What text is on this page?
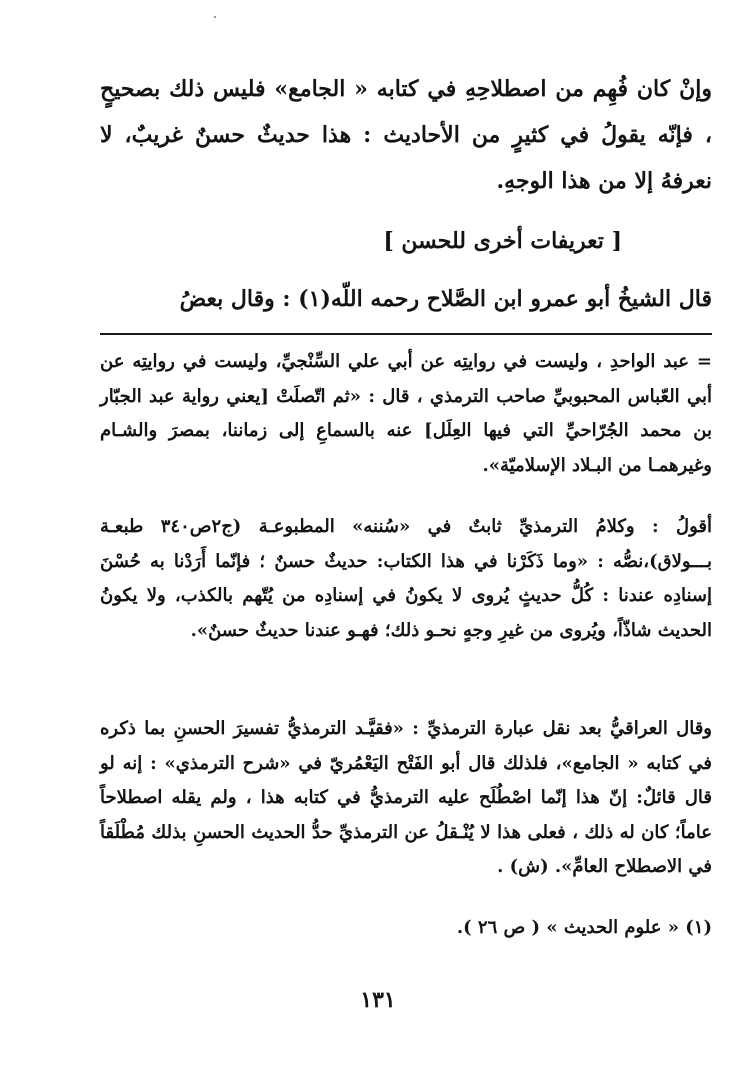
وإنْ كان فُهِم من اصطلاحِهِ في كتابه « الجامع» فليس ذلك بصحيحٍ ، فإنّه يقولُ في كثيرٍ من الأحاديث : هذا حديثٌ حسنٌ غريبٌ، لا نعرفهُ إلا من هذا الوجهِ.

[ تعريفات أخرى للحسن ]

قال الشيخُ أبو عمرو ابن الصَّلاح رحمه اللّه(١) : وقال بعضُ

= عبد الواحدِ ، وليست في روايتِه عن أبي علي السِّنْجيِّ، وليست في روايتِه عن أبي العّباس المحبوبيِّ صاحب الترمذي ، قال : «ثم اتّصلَتْ [يعني رواية عبد الجبّار بن محمد الجُرّاحيِّ التي فيها العِلَل] عنه بالسماعِ إلى زماننا، بمصرَ والشـام وغيرهمـا من البـلاد الإسلاميّة».

أقولُ : وكلامُ الترمذيِّ ثابتٌ في «سُننه» المطبوعـة (ج٢ص٣٤٠ طبعـة بـــولاق)،نصُّه : «وما ذَكَرْنا في هذا الكتاب: حديثٌ حسنٌ ؛ فإنّما أَرَدْنا به حُسْنَ إسنادِه عندنا : كُلُّ حديثٍ يُروى لا يكونُ في إسنادِه من يُتّهم بالكذب، ولا يكونُ الحديث شاذّاً، ويُروى من غيرِ وجهٍ نحـو ذلك؛ فهـو عندنا حديثٌ حسنٌ».

وقال العراقيُّ بعد نقل عبارة الترمذيِّ : «فقيَّـد الترمذيُّ تفسيرَ الحسنِ بما ذكره في كتابه « الجامع»، فلذلك قال أبو الفَتْح اليَعْمُريّ في «شرح الترمذي» : إنه لو قال قائلٌ: إنّ هذا إنّما اصْطُلَح عليه الترمذيُّ في كتابه هذا ، ولم يقله اصطلاحاً عاماً؛ كان له ذلك ، فعلى هذا لا يُنْـقلُ عن الترمذيِّ حدُّ الحديث الحسنِ بذلك مُطْلَقاً في الاصطلاح العامِّ». (ش) .

(١) « علوم الحديث » ( ص ٢٦ ).

١٣١
